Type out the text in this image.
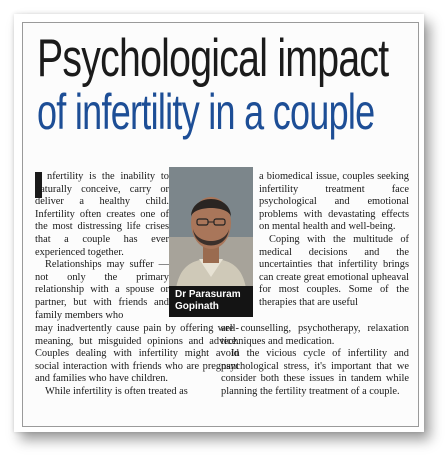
Psychological impact
of infertility in a couple
nfertility is the inability to naturally conceive, carry or deliver a healthy child. Infertility often creates one of the most distressing life crises that a couple has ever experienced together.
Relationships may suffer — not only the primary relationship with a spouse or partner, but with friends and family members who
Dr Parasuram
Gopinath
a biomedical issue, couples seeking infertility treatment face psychological and emotional problems with devastating effects on mental health and well-being.
Coping with the multitude of medical decisions and the uncertainties that infertility brings can create great emotional upheaval for most couples. Some of the therapies that are useful
may inadvertently cause pain by offering well-meaning, but misguided opinions and advice. Couples dealing with infertility might avoid social interaction with friends who are pregnant and families who have children.
While infertility is often treated as
are counselling, psychotherapy, relaxation techniques and medication.
In the vicious cycle of infertility and psychological stress, it's important that we consider both these issues in tandem while planning the fertility treatment of a couple.
